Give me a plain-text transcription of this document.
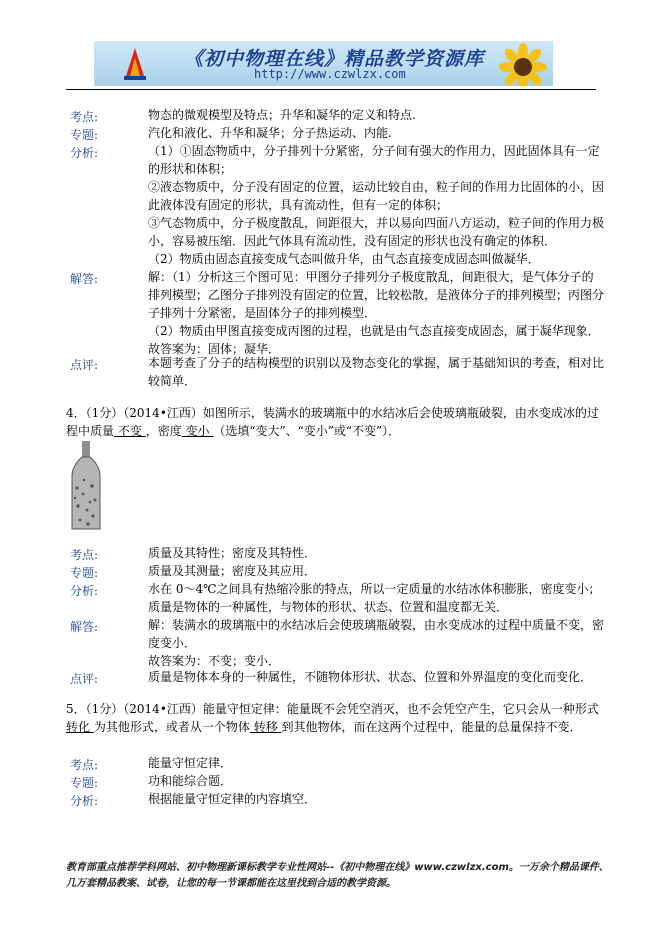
《初中物理在线》精品教学资源库
http://www.czwlzx.com
考点:	物态的微观模型及特点；升华和凝华的定义和特点.
专题:	汽化和液化、升华和凝华；分子热运动、内能.
分析:	（1）①固态物质中，分子排列十分紧密，分子间有强大的作用力，因此固体具有一定
的形状和体积；
②液态物质中，分子没有固定的位置，运动比较自由，粒子间的作用力比固体的小，因
此液体没有固定的形状，具有流动性，但有一定的体积；
③气态物质中，分子极度散乱，间距很大，并以易向四面八方运动，粒子间的作用力极
小，容易被压缩．因此气体具有流动性，没有固定的形状也没有确定的体积．
（2）物质由固态直接变成气态叫做升华，由气态直接变成固态叫做凝华．
解答:	解：（1）分析这三个图可见：甲图分子排列分子极度散乱，间距很大，是气体分子的
排列模型；乙图分子排列没有固定的位置，比较松散，是液体分子的排列模型；丙图分
子排列十分紧密，是固体分子的排列模型．
（2）物质由甲图直接变成丙图的过程，也就是由气态直接变成固态，属于凝华现象．
故答案为：固体；凝华．
点评:	本题考查了分子的结构模型的识别以及物态变化的掌握，属于基础知识的考查，相对比
较简单．
4．（1分）（2014•江西）如图所示，装满水的玻璃瓶中的水结冰后会使玻璃瓶破裂，由水变成冰的过
程中质量 不变 ，密度 变小 （选填“变大”、“变小”或“不变”）．
考点:	质量及其特性；密度及其特性．
专题:	质量及其测量；密度及其应用．
分析:	水在 0～4℃之间具有热缩冷胀的特点，所以一定质量的水结冰体积膨胀，密度变小；
质量是物体的一种属性，与物体的形状、状态、位置和温度都无关．
解答:	解：装满水的玻璃瓶中的水结冰后会使玻璃瓶破裂，由水变成冰的过程中质量不变，密
度变小．
故答案为：不变；变小．
点评:	质量是物体本身的一种属性，不随物体形状、状态、位置和外界温度的变化而变化．
5．（1分）（2014•江西）能量守恒定律：能量既不会凭空消灭，也不会凭空产生，它只会从一种形式
转化 为其他形式，或者从一个物体 转移 到其他物体，而在这两个过程中，能量的总量保持不变．
考点:	能量守恒定律．
专题:	功和能综合题．
分析:	根据能量守恒定律的内容填空．
教育部重点推荐学科网站、初中物理新课标教学专业性网站--《初中物理在线》www.czwlzx.com。一万余个精品课件、
几万套精品教案、试卷，让您的每一节课都能在这里找到合适的教学资源。
